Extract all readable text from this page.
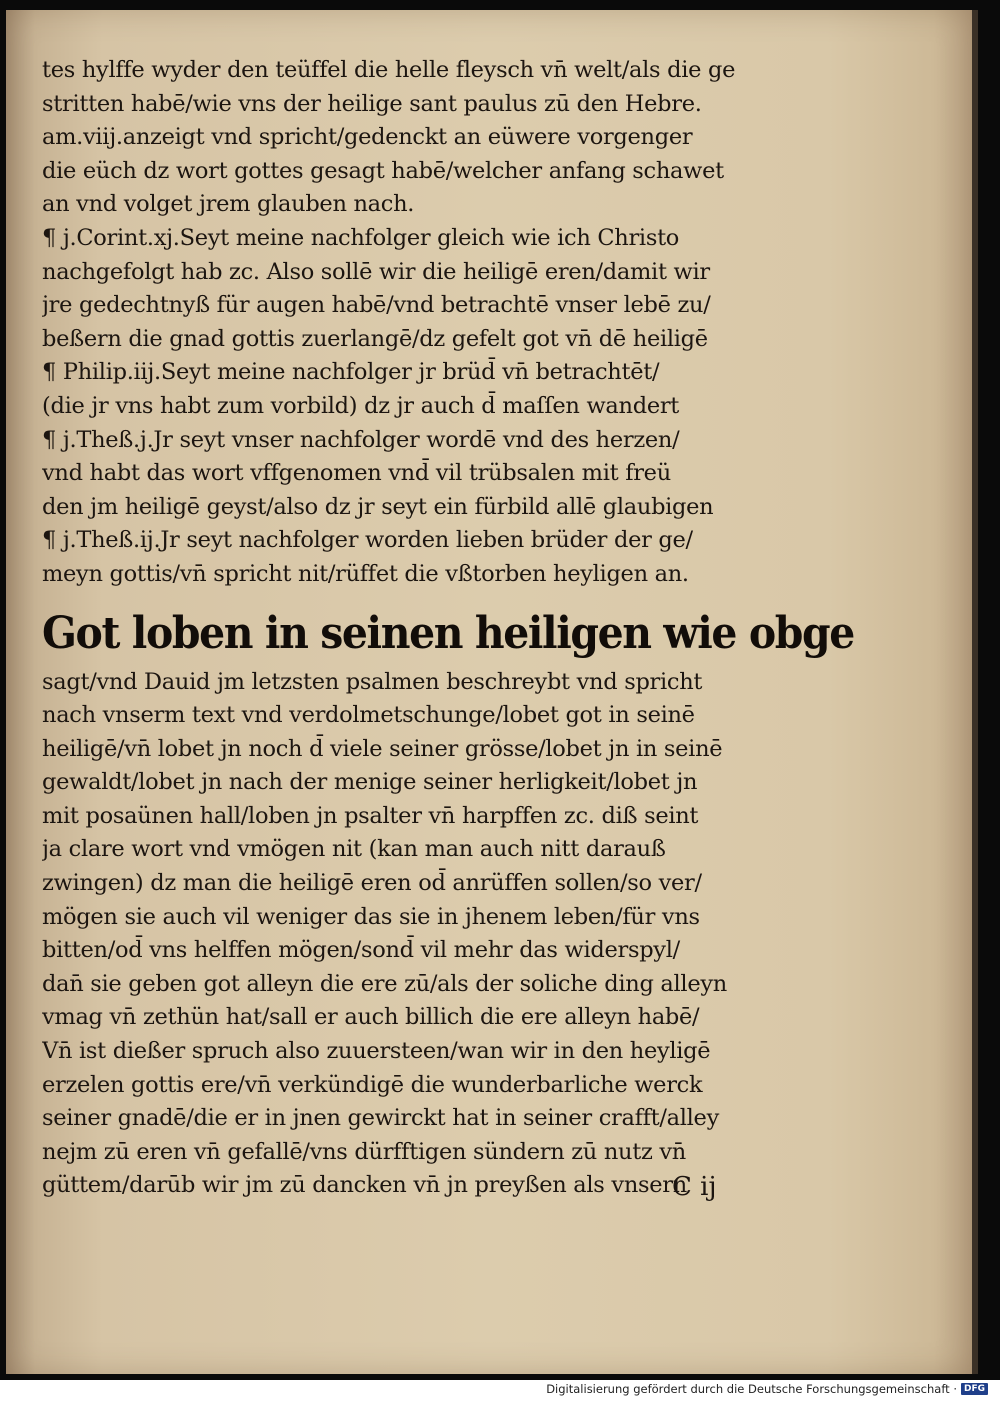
tes hylffe wyder den teüffel die helle fleysch vn̄ welt/als die ge
stritten habē/wie vns der heilige sant paulus zū den Hebre.
am.viij.anzeigt vnd spricht/gedenckt an eüwere vorgenger
die eüch dz wort gottes gesagt habē/welcher anfang schawet
an vnd volget jrem glauben nach.
¶ j.Corint.xj.Seyt meine nachfolger gleich wie ich Christo
nachgefolgt hab zc. Also sollē wir die heiligē eren/damit wir
jre gedechtnyß für augen habē/vnd betrachtē vnser lebē zu/
beßern die gnad gottis zuerlangē/dz gefelt got vn̄ dē heiligē
¶ Philip.iij.Seyt meine nachfolger jr brüd̄ vn̄ betrachtēt/
(die jr vns habt zum vorbild) dz jr auch d̄ maſſen wandert
¶ j.Theß.j.Jr seyt vnser nachfolger wordē vnd des herzen/
vnd habt das wort vffgenomen vnd̄ vil trübsalen mit freü
den jm heiligē geyst/also dz jr seyt ein fürbild allē glaubigen
¶ j.Theß.ij.Jr seyt nachfolger worden lieben brüder der ge/
meyn gottis/vn̄ spricht nit/rüffet die vßtorben heyligen an.
Got loben in seinen heiligen wie obge
sagt/vnd Dauid jm letzsten psalmen beschreybt vnd spricht
nach vnserm text vnd verdolmetschunge/lobet got in seinē
heiligē/vn̄ lobet jn noch d̄ viele seiner grösse/lobet jn in seinē
gewaldt/lobet jn nach der menige seiner herligkeit/lobet jn
mit posaünen hall/loben jn psalter vn̄ harpffen zc. diß seint
ja clare wort vnd vmögen nit (kan man auch nitt darauß
zwingen) dz man die heiligē eren od̄ anrüffen sollen/so ver/
mögen sie auch vil weniger das sie in jhenem leben/für vns
bitten/od̄ vns helffen mögen/sond̄ vil mehr das widerspyl/
dan̄ sie geben got alleyn die ere zū/als der soliche ding alleyn
vmag vn̄ zethün hat/sall er auch billich die ere alleyn habē/
Vn̄ ist dießer spruch also zuuersteen/wan wir in den heyligē
erzelen gottis ere/vn̄ verkündigē die wunderbarliche werck
seiner gnadē/die er in jnen gewirckt hat in seiner crafft/alley
nejm zū eren vn̄ gefallē/vns dürfftigen sündern zū nutz vn̄
güttem/darūb wir jm zū dancken vn̄ jn preyßen als vnsern
C ij
Digitalisierung gefördert durch die Deutsche Forschungsgemeinschaft · DFG
